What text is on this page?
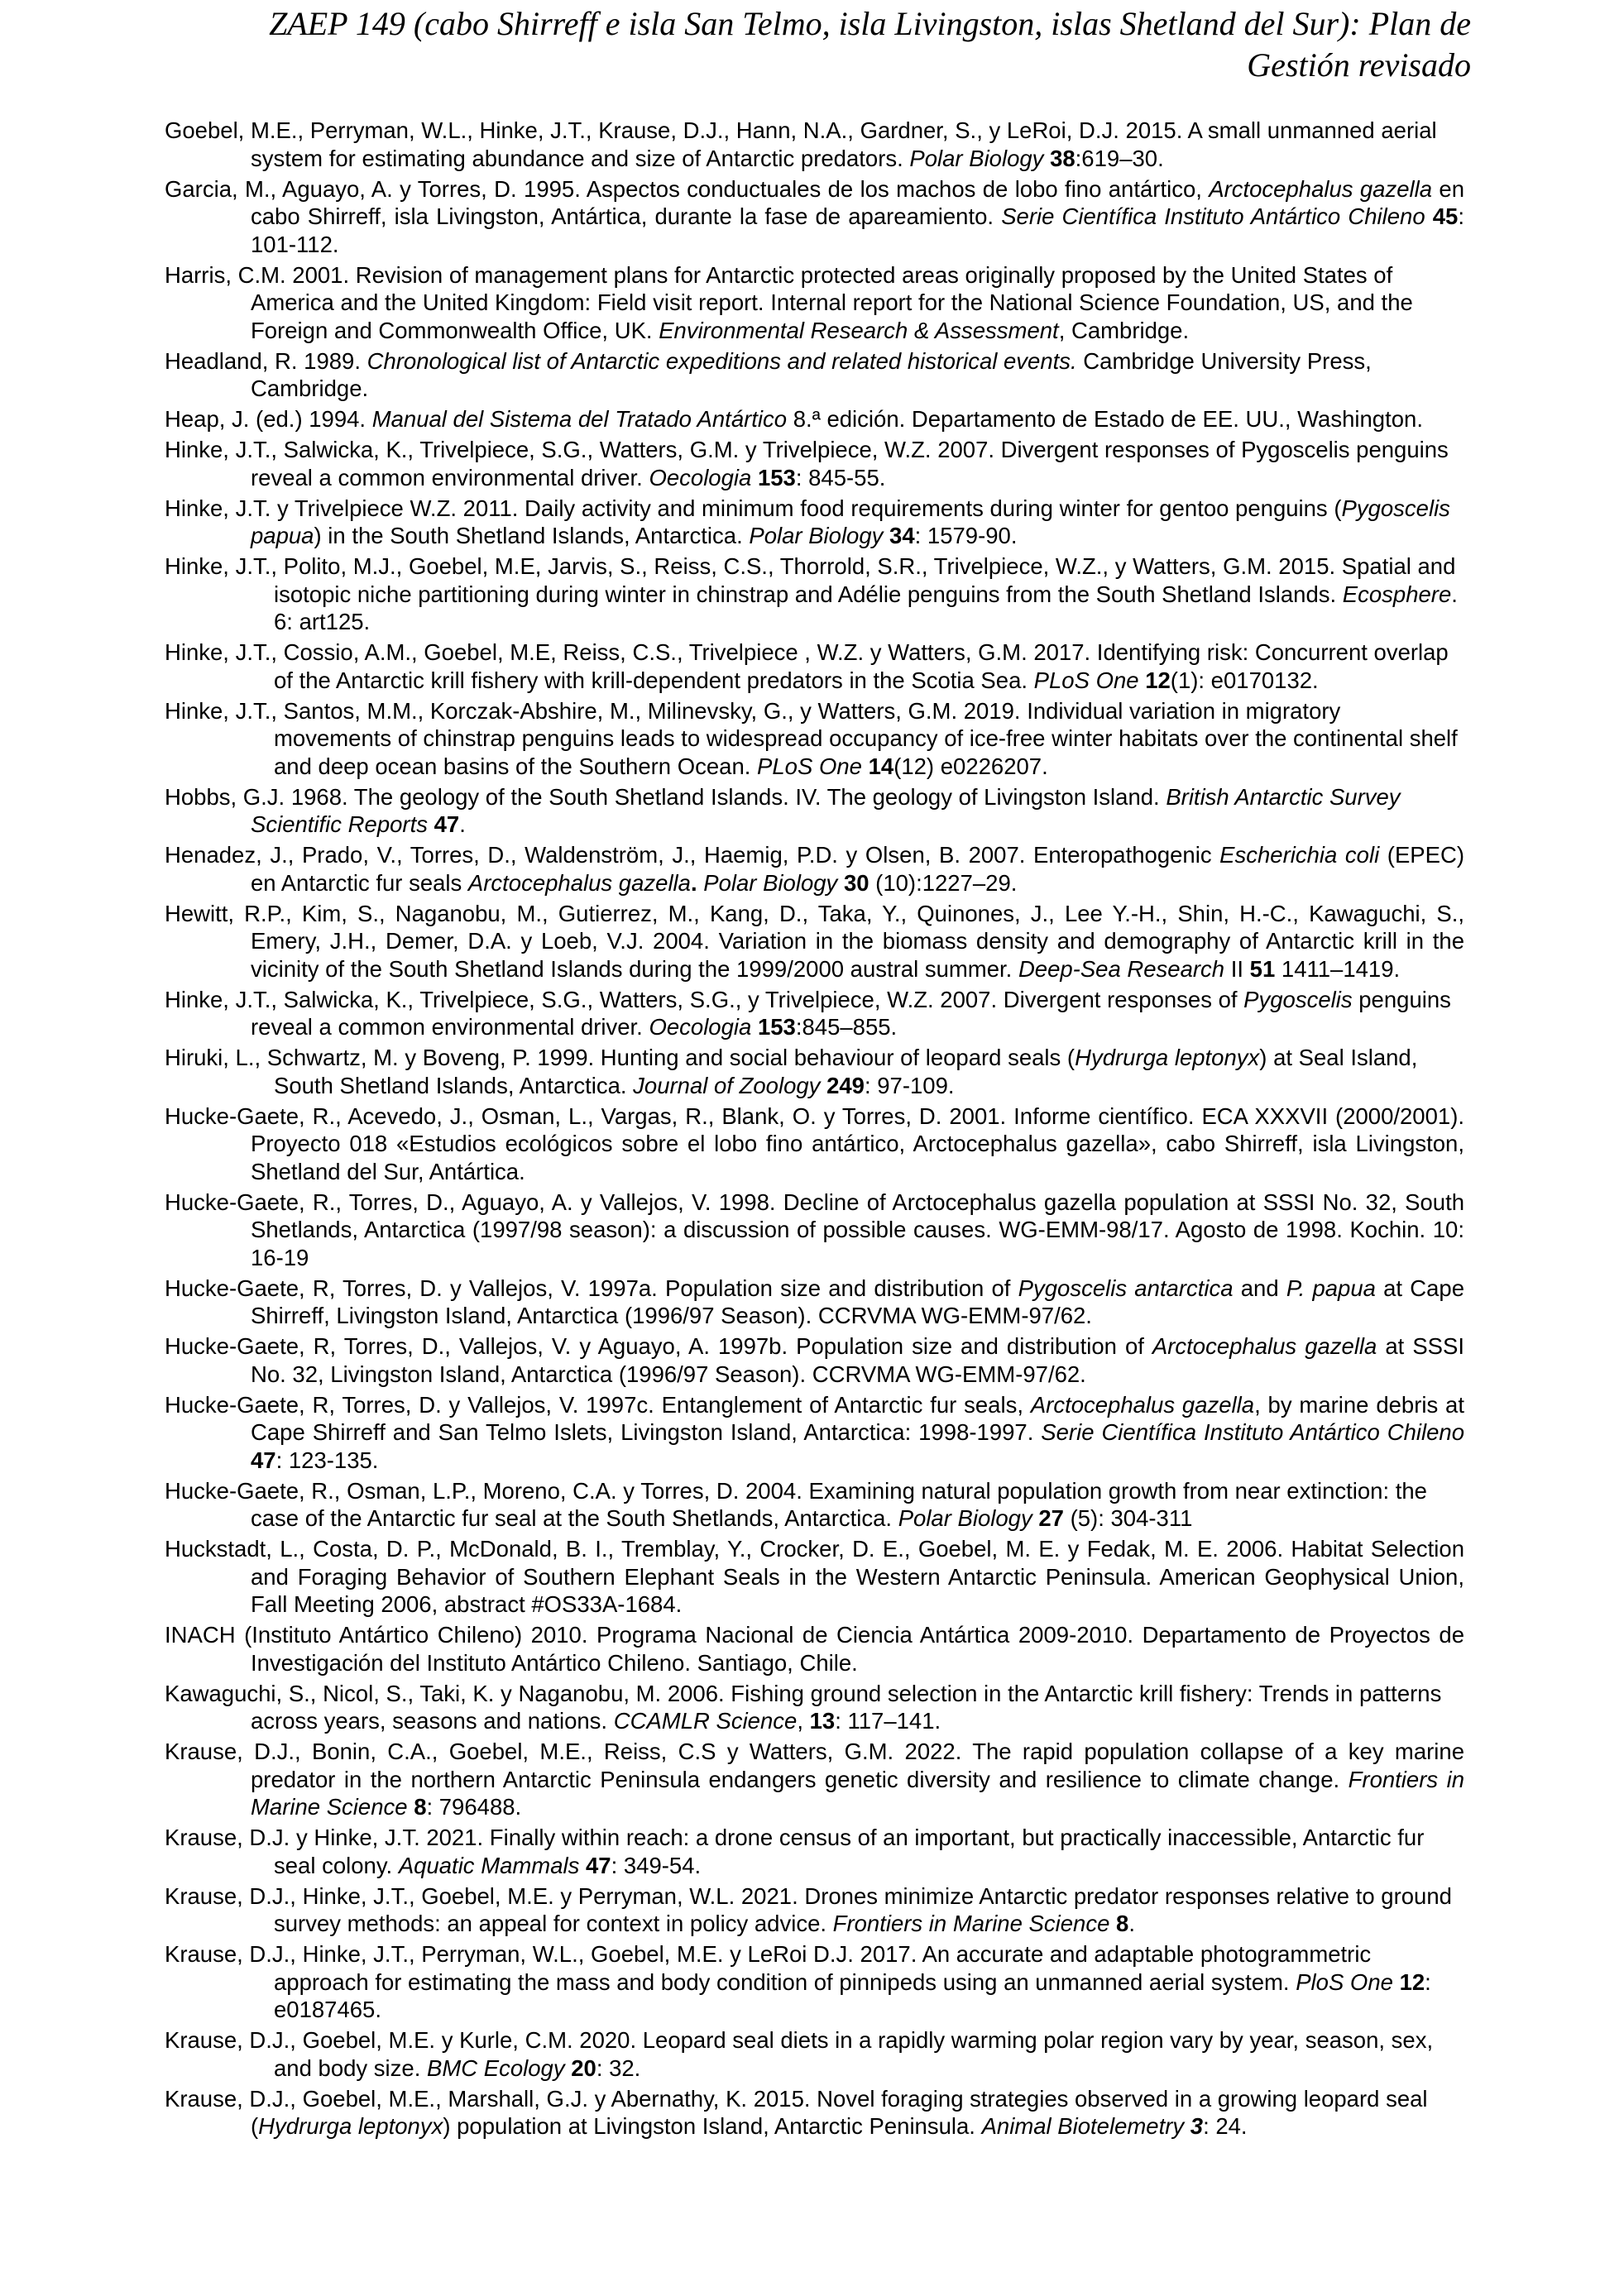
ZAEP 149 (cabo Shirreff e isla San Telmo, isla Livingston, islas Shetland del Sur): Plan de
Gestión revisado

Goebel, M.E., Perryman, W.L., Hinke, J.T., Krause, D.J., Hann, N.A., Gardner, S., y LeRoi, D.J. 2015. A small unmanned aerial system for estimating abundance and size of Antarctic predators. Polar Biology 38:619–30.

Garcia, M., Aguayo, A. y Torres, D. 1995. Aspectos conductuales de los machos de lobo fino antártico, Arctocephalus gazella en cabo Shirreff, isla Livingston, Antártica, durante la fase de apareamiento. Serie Científica Instituto Antártico Chileno 45: 101-112.

Harris, C.M. 2001. Revision of management plans for Antarctic protected areas originally proposed by the United States of America and the United Kingdom: Field visit report. Internal report for the National Science Foundation, US, and the Foreign and Commonwealth Office, UK. Environmental Research & Assessment, Cambridge.

Headland, R. 1989. Chronological list of Antarctic expeditions and related historical events. Cambridge University Press, Cambridge.

Heap, J. (ed.) 1994. Manual del Sistema del Tratado Antártico 8.ª edición. Departamento de Estado de EE. UU., Washington.

Hinke, J.T., Salwicka, K., Trivelpiece, S.G., Watters, G.M. y Trivelpiece, W.Z. 2007. Divergent responses of Pygoscelis penguins reveal a common environmental driver. Oecologia 153: 845-55.

Hinke, J.T. y Trivelpiece W.Z. 2011. Daily activity and minimum food requirements during winter for gentoo penguins (Pygoscelis papua) in the South Shetland Islands, Antarctica. Polar Biology 34: 1579-90.

Hinke, J.T., Polito, M.J., Goebel, M.E, Jarvis, S., Reiss, C.S., Thorrold, S.R., Trivelpiece, W.Z., y Watters, G.M. 2015. Spatial and isotopic niche partitioning during winter in chinstrap and Adélie penguins from the South Shetland Islands. Ecosphere. 6: art125.

Hinke, J.T., Cossio, A.M., Goebel, M.E, Reiss, C.S., Trivelpiece , W.Z. y Watters, G.M. 2017. Identifying risk: Concurrent overlap of the Antarctic krill fishery with krill-dependent predators in the Scotia Sea. PLoS One 12(1): e0170132.

Hinke, J.T., Santos, M.M., Korczak-Abshire, M., Milinevsky, G., y Watters, G.M. 2019. Individual variation in migratory movements of chinstrap penguins leads to widespread occupancy of ice-free winter habitats over the continental shelf and deep ocean basins of the Southern Ocean. PLoS One 14(12) e0226207.

Hobbs, G.J. 1968. The geology of the South Shetland Islands. IV. The geology of Livingston Island. British Antarctic Survey Scientific Reports 47.

Henadez, J., Prado, V., Torres, D., Waldenström, J., Haemig, P.D. y Olsen, B. 2007. Enteropathogenic Escherichia coli (EPEC) en Antarctic fur seals Arctocephalus gazella. Polar Biology 30 (10):1227–29.

Hewitt, R.P., Kim, S., Naganobu, M., Gutierrez, M., Kang, D., Taka, Y., Quinones, J., Lee Y.-H., Shin, H.-C., Kawaguchi, S., Emery, J.H., Demer, D.A. y Loeb, V.J. 2004. Variation in the biomass density and demography of Antarctic krill in the vicinity of the South Shetland Islands during the 1999/2000 austral summer. Deep-Sea Research II 51 1411–1419.

Hinke, J.T., Salwicka, K., Trivelpiece, S.G., Watters, S.G., y Trivelpiece, W.Z. 2007. Divergent responses of Pygoscelis penguins reveal a common environmental driver. Oecologia 153:845–855.

Hiruki, L., Schwartz, M. y Boveng, P. 1999. Hunting and social behaviour of leopard seals (Hydrurga leptonyx) at Seal Island, South Shetland Islands, Antarctica. Journal of Zoology 249: 97-109.

Hucke-Gaete, R., Acevedo, J., Osman, L., Vargas, R., Blank, O. y Torres, D. 2001. Informe científico. ECA XXXVII (2000/2001). Proyecto 018 «Estudios ecológicos sobre el lobo fino antártico, Arctocephalus gazella», cabo Shirreff, isla Livingston, Shetland del Sur, Antártica.

Hucke-Gaete, R., Torres, D., Aguayo, A. y Vallejos, V. 1998. Decline of Arctocephalus gazella population at SSSI No. 32, South Shetlands, Antarctica (1997/98 season): a discussion of possible causes. WG-EMM-98/17. Agosto de 1998. Kochin. 10: 16-19

Hucke-Gaete, R, Torres, D. y Vallejos, V. 1997a. Population size and distribution of Pygoscelis antarctica and P. papua at Cape Shirreff, Livingston Island, Antarctica (1996/97 Season). CCRVMA WG-EMM-97/62.

Hucke-Gaete, R, Torres, D., Vallejos, V. y Aguayo, A. 1997b. Population size and distribution of Arctocephalus gazella at SSSI No. 32, Livingston Island, Antarctica (1996/97 Season). CCRVMA WG-EMM-97/62.

Hucke-Gaete, R, Torres, D. y Vallejos, V. 1997c. Entanglement of Antarctic fur seals, Arctocephalus gazella, by marine debris at Cape Shirreff and San Telmo Islets, Livingston Island, Antarctica: 1998-1997. Serie Científica Instituto Antártico Chileno 47: 123-135.

Hucke-Gaete, R., Osman, L.P., Moreno, C.A. y Torres, D. 2004. Examining natural population growth from near extinction: the case of the Antarctic fur seal at the South Shetlands, Antarctica. Polar Biology 27 (5): 304-311

Huckstadt, L., Costa, D. P., McDonald, B. I., Tremblay, Y., Crocker, D. E., Goebel, M. E. y Fedak, M. E. 2006. Habitat Selection and Foraging Behavior of Southern Elephant Seals in the Western Antarctic Peninsula. American Geophysical Union, Fall Meeting 2006, abstract #OS33A-1684.

INACH (Instituto Antártico Chileno) 2010. Programa Nacional de Ciencia Antártica 2009-2010. Departamento de Proyectos de Investigación del Instituto Antártico Chileno. Santiago, Chile.

Kawaguchi, S., Nicol, S., Taki, K. y Naganobu, M. 2006. Fishing ground selection in the Antarctic krill fishery: Trends in patterns across years, seasons and nations. CCAMLR Science, 13: 117–141.

Krause, D.J., Bonin, C.A., Goebel, M.E., Reiss, C.S y Watters, G.M. 2022. The rapid population collapse of a key marine predator in the northern Antarctic Peninsula endangers genetic diversity and resilience to climate change. Frontiers in Marine Science 8: 796488.

Krause, D.J. y Hinke, J.T. 2021. Finally within reach: a drone census of an important, but practically inaccessible, Antarctic fur seal colony. Aquatic Mammals 47: 349-54.

Krause, D.J., Hinke, J.T., Goebel, M.E. y Perryman, W.L. 2021. Drones minimize Antarctic predator responses relative to ground survey methods: an appeal for context in policy advice. Frontiers in Marine Science 8.

Krause, D.J., Hinke, J.T., Perryman, W.L., Goebel, M.E. y LeRoi D.J. 2017. An accurate and adaptable photogrammetric approach for estimating the mass and body condition of pinnipeds using an unmanned aerial system. PloS One 12: e0187465.

Krause, D.J., Goebel, M.E. y Kurle, C.M. 2020. Leopard seal diets in a rapidly warming polar region vary by year, season, sex, and body size. BMC Ecology 20: 32.

Krause, D.J., Goebel, M.E., Marshall, G.J. y Abernathy, K. 2015. Novel foraging strategies observed in a growing leopard seal (Hydrurga leptonyx) population at Livingston Island, Antarctic Peninsula. Animal Biotelemetry 3: 24.
